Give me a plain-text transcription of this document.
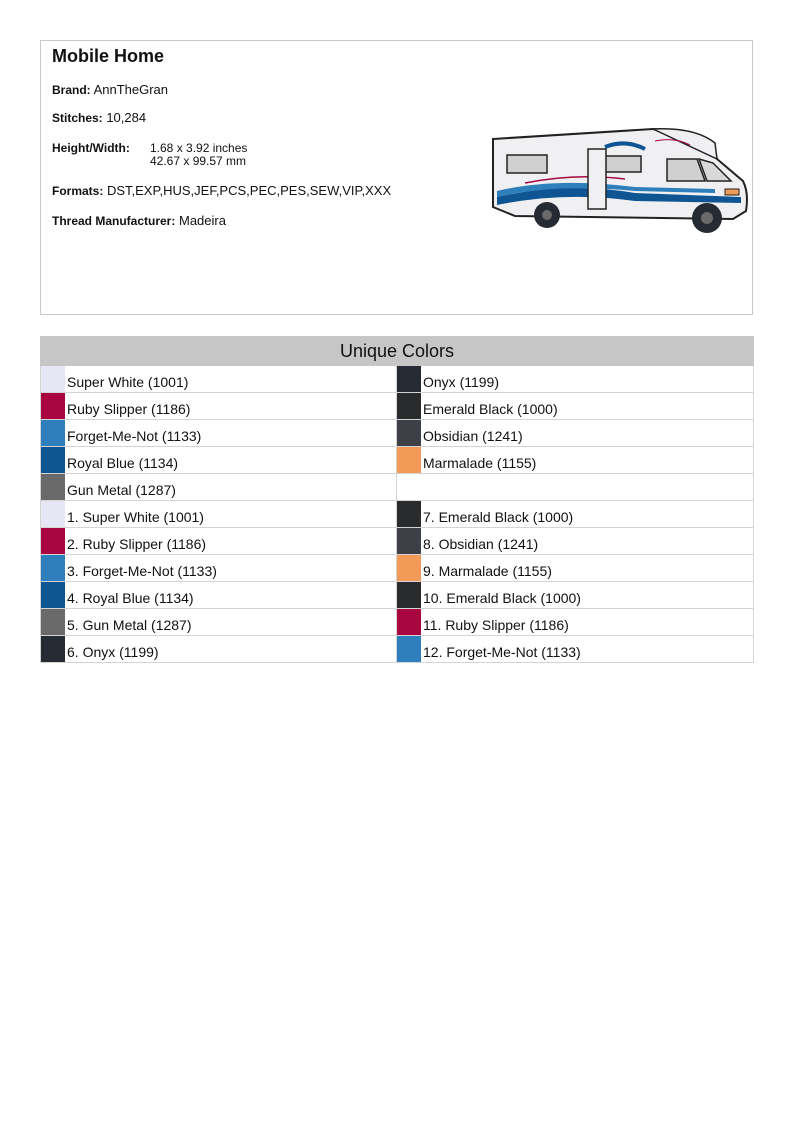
Mobile Home
Brand: AnnTheGran
Stitches: 10,284
Height/Width: 1.68 x 3.92 inches
42.67 x 99.57 mm
Formats: DST,EXP,HUS,JEF,PCS,PEC,PES,SEW,VIP,XXX
Thread Manufacturer: Madeira
Unique Colors
Super White (1001)	Onyx (1199)
Ruby Slipper (1186)	Emerald Black (1000)
Forget-Me-Not (1133)	Obsidian (1241)
Royal Blue (1134)	Marmalade (1155)
Gun Metal (1287)
1. Super White (1001)	7. Emerald Black (1000)
2. Ruby Slipper (1186)	8. Obsidian (1241)
3. Forget-Me-Not (1133)	9. Marmalade (1155)
4. Royal Blue (1134)	10. Emerald Black (1000)
5. Gun Metal (1287)	11. Ruby Slipper (1186)
6. Onyx (1199)	12. Forget-Me-Not (1133)
